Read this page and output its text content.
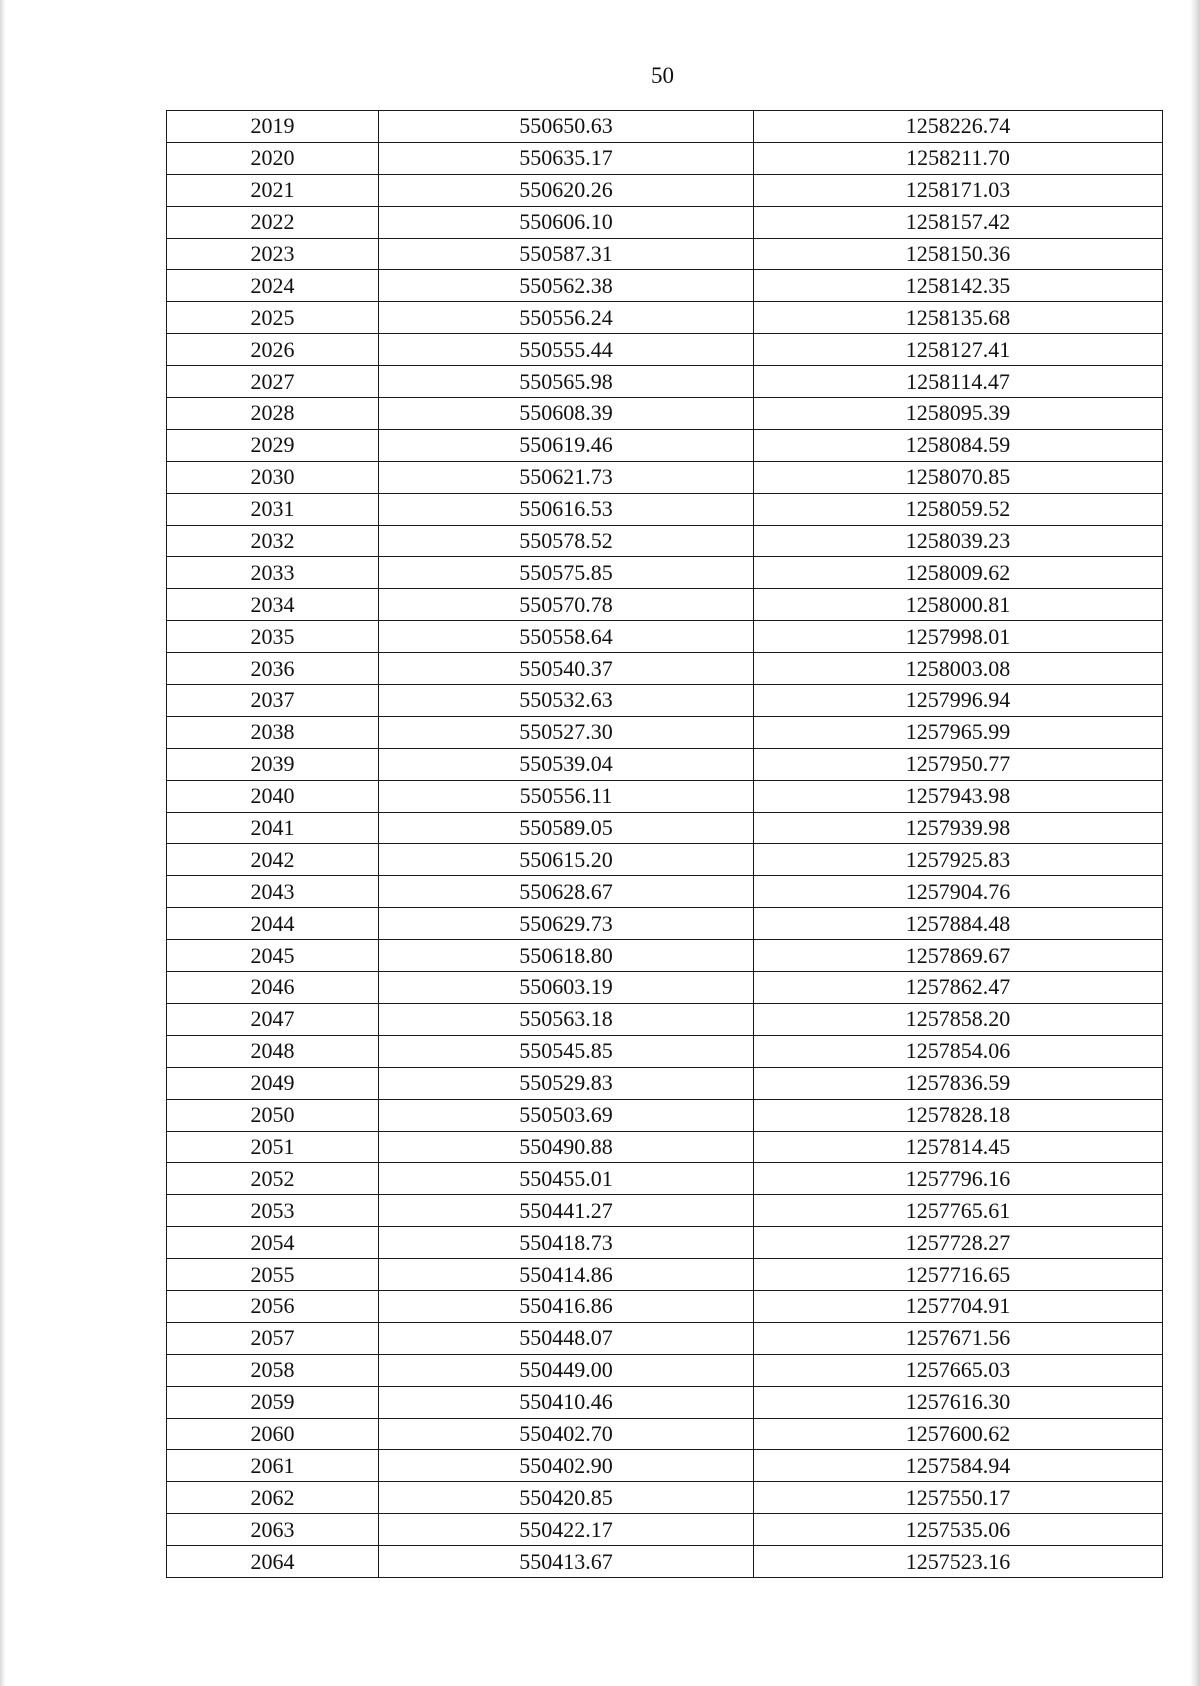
50
2019	550650.63	1258226.74
2020	550635.17	1258211.70
2021	550620.26	1258171.03
2022	550606.10	1258157.42
2023	550587.31	1258150.36
2024	550562.38	1258142.35
2025	550556.24	1258135.68
2026	550555.44	1258127.41
2027	550565.98	1258114.47
2028	550608.39	1258095.39
2029	550619.46	1258084.59
2030	550621.73	1258070.85
2031	550616.53	1258059.52
2032	550578.52	1258039.23
2033	550575.85	1258009.62
2034	550570.78	1258000.81
2035	550558.64	1257998.01
2036	550540.37	1258003.08
2037	550532.63	1257996.94
2038	550527.30	1257965.99
2039	550539.04	1257950.77
2040	550556.11	1257943.98
2041	550589.05	1257939.98
2042	550615.20	1257925.83
2043	550628.67	1257904.76
2044	550629.73	1257884.48
2045	550618.80	1257869.67
2046	550603.19	1257862.47
2047	550563.18	1257858.20
2048	550545.85	1257854.06
2049	550529.83	1257836.59
2050	550503.69	1257828.18
2051	550490.88	1257814.45
2052	550455.01	1257796.16
2053	550441.27	1257765.61
2054	550418.73	1257728.27
2055	550414.86	1257716.65
2056	550416.86	1257704.91
2057	550448.07	1257671.56
2058	550449.00	1257665.03
2059	550410.46	1257616.30
2060	550402.70	1257600.62
2061	550402.90	1257584.94
2062	550420.85	1257550.17
2063	550422.17	1257535.06
2064	550413.67	1257523.16
